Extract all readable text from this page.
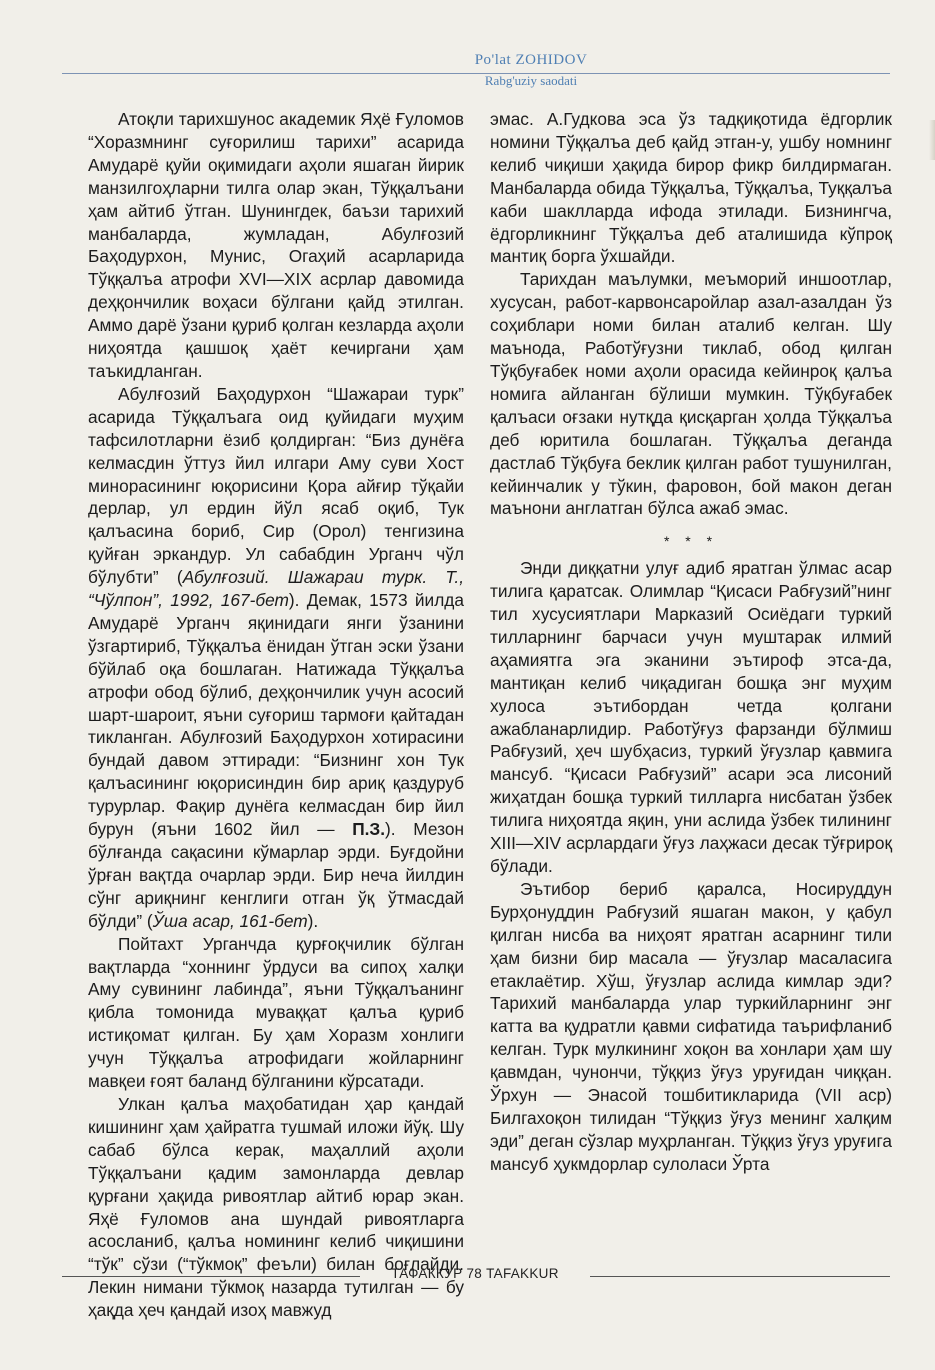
Po'lat ZOHIDOV
Rabg'uziy saodati

Атоқли тарихшунос академик Яҳё Ғуломов “Хоразмнинг суғорилиш тарихи” асарида Амударё қуйи оқимидаги аҳоли яшаган йирик манзилгоҳларни тилга олар экан, Тўққалъани ҳам айтиб ўтган. Шунингдек, баъзи тарихий манбаларда, жумладан, Абулғозий Баҳодурхон, Мунис, Огаҳий асарларида Тўққалъа атрофи XVI—XIX асрлар давомида деҳқончилик воҳаси бўлгани қайд этилган. Аммо дарё ўзани қуриб қолган кезларда аҳоли ниҳоятда қашшоқ ҳаёт кечиргани ҳам таъкидланган.

Абулғозий Баҳодурхон “Шажараи турк” асарида Тўққалъага оид қуйидаги муҳим тафсилотларни ёзиб қолдирган: “Биз дунёға келмасдин ўттуз йил илгари Аму суви Хост минорасининг юқорисини Қора айғир тўқайи дерлар, ул ердин йўл ясаб оқиб, Тук қалъасина бориб, Сир (Орол) тенгизина қуйған эркандур. Ул сабабдин Урганч чўл бўлубти” (Абулғозий. Шажараи турк. Т., “Чўлпон”, 1992, 167-бет). Демак, 1573 йилда Амударё Урганч яқинидаги янги ўзанини ўзгартириб, Тўққалъа ёнидан ўтган эски ўзани бўйлаб оқа бошлаган. Натижада Тўққалъа атрофи обод бўлиб, деҳқончилик учун асосий шарт-шароит, яъни суғориш тармоғи қайтадан тикланган. Абулғозий Баҳодурхон хотирасини бундай давом эттиради: “Бизнинг хон Тук қалъасининг юқорисиндин бир ариқ қаздуруб турурлар. Фақир дунёга келмасдан бир йил бурун (яъни 1602 йил — П.З.). Мезон бўлғанда сақасини кўмарлар эрди. Буғдойни ўрған вақтда очарлар эрди. Бир неча йилдин сўнг ариқнинг кенглиги отган ўқ ўтмасдай бўлди” (Ўша асар, 161-бет).

Пойтахт Урганчда қурғоқчилик бўлган вақтларда “хоннинг ўрдуси ва сипоҳ халқи Аму сувининг лабинда”, яъни Тўққалъанинг қибла томонида муваққат қалъа қуриб истиқомат қилган. Бу ҳам Хоразм хонлиги учун Тўққалъа атрофидаги жойларнинг мавқеи ғоят баланд бўлганини кўрсатади.

Улкан қалъа маҳобатидан ҳар қандай кишининг ҳам ҳайратга тушмай иложи йўқ. Шу сабаб бўлса керак, маҳаллий аҳоли Тўққалъани қадим замонларда девлар қурғани ҳақида ривоятлар айтиб юрар экан. Яҳё Ғуломов ана шундай ривоятларга асосланиб, қалъа номининг келиб чиқишини “тўк” сўзи (“тўкмоқ” феъли) билан боғлайди. Лекин нимани тўкмоқ назарда тутилган — бу ҳақда ҳеч қандай изоҳ мавжуд

эмас. А.Гудкова эса ўз тадқиқотида ёдгорлик номини Тўққалъа деб қайд этган-у, ушбу номнинг келиб чиқиши ҳақида бирор фикр билдирмаган. Манбаларда обида Тўққалъа, Тўққалъа, Туққалъа каби шаклларда ифода этилади. Бизнингча, ёдгорликнинг Тўққалъа деб аталишида кўпроқ мантиқ борга ўхшайди.

Тарихдан маълумки, меъморий иншоотлар, хусусан, работ-карвонсаройлар азал-азалдан ўз соҳиблари номи билан аталиб келган. Шу маънода, Работўғузни тиклаб, обод қилган Тўқбуғабек номи аҳоли орасида кейинроқ қалъа номига айланган бўлиши мумкин. Тўқбуғабек қалъаси оғзаки нутқда қисқарган ҳолда Тўққалъа деб юритила бошлаган. Тўққалъа деганда дастлаб Тўқбуға беклик қилган работ тушунилган, кейинчалик у тўкин, фаровон, бой макон деган маънони англатган бўлса ажаб эмас.

* * *

Энди диққатни улуғ адиб яратган ўлмас асар тилига қаратсак. Олимлар “Қисаси Рабғузий”нинг тил хусусиятлари Марказий Осиёдаги туркий тилларнинг барчаси учун муштарак илмий аҳамиятга эга эканини эътироф этса-да, мантиқан келиб чиқадиган бошқа энг муҳим хулоса эътибордан четда қолгани ажабланарлидир. Работўғуз фарзанди бўлмиш Рабғузий, ҳеч шубҳасиз, туркий ўғузлар қавмига мансуб. “Қисаси Рабғузий” асари эса лисоний жиҳатдан бошқа туркий тилларга нисбатан ўзбек тилига ниҳоятда яқин, уни аслида ўзбек тилининг XIII—XIV асрлардаги ўғуз лаҳжаси десак тўғрироқ бўлади.

Эътибор бериб қаралса, Носируддун Бурҳонуддин Рабғузий яшаган макон, у қабул қилган нисба ва ниҳоят яратган асарнинг тили ҳам бизни бир масала — ўғузлар масаласига етаклаётир. Хўш, ўғузлар аслида кимлар эди? Тарихий манбаларда улар туркийларнинг энг катта ва қудратли қавми сифатида таърифланиб келган. Турк мулкининг хоқон ва хонлари ҳам шу қавмдан, чунончи, тўққиз ўғуз уруғидан чиққан. Ўрхун — Энасой тошбитикларида (VII аср) Билгахоқон тилидан “Тўққиз ўғуз менинг халқим эди” деган сўзлар муҳрланган. Тўққиз ўғуз уруғига мансуб ҳукмдорлар сулоласи Ўрта

ТАФАККУР 78 TAFAKKUR
